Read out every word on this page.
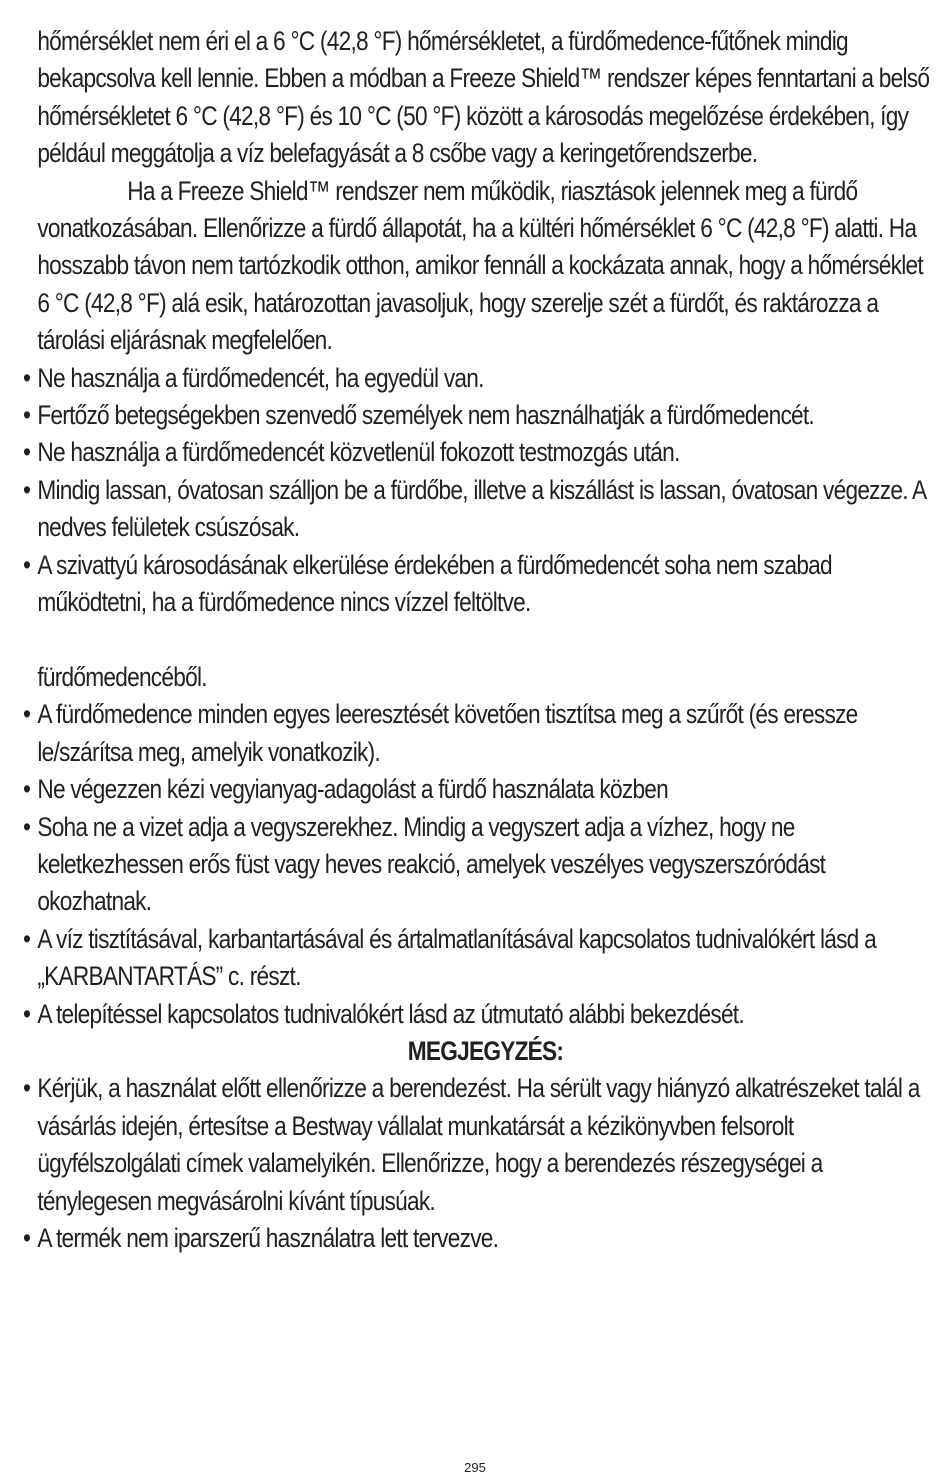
hőmérséklet nem éri el a 6 °C (42,8 °F) hőmérsékletet, a fürdőmedence-fűtőnek mindig bekapcsolva kell lennie. Ebben a módban a Freeze Shield™ rendszer képes fenntartani a belső hőmérsékletet 6 °C (42,8 °F) és 10 °C (50 °F) között a károsodás megelőzése érdekében, így például meggátolja a víz belefagyását a 8 csőbe vagy a keringetőrendszerbe.

Ha a Freeze Shield™ rendszer nem működik, riasztások jelennek meg a fürdő vonatkozásában. Ellenőrizze a fürdő állapotát, ha a kültéri hőmérséklet 6 °C (42,8 °F) alatti. Ha hosszabb távon nem tartózkodik otthon, amikor fennáll a kockázata annak, hogy a hőmérséklet 6 °C (42,8 °F) alá esik, határozottan javasoljuk, hogy szerelje szét a fürdőt, és raktározza a tárolási eljárásnak megfelelően.

• Ne használja a fürdőmedencét, ha egyedül van.

• Fertőző betegségekben szenvedő személyek nem használhatják a fürdőmedencét.

• Ne használja a fürdőmedencét közvetlenül fokozott testmozgás után.

• Mindig lassan, óvatosan szálljon be a fürdőbe, illetve a kiszállást is lassan, óvatosan végezze. A nedves felületek csúszósak.

• A szivattyú károsodásának elkerülése érdekében a fürdőmedencét soha nem szabad működtetni, ha a fürdőmedence nincs vízzel feltöltve.

fürdőmedencéből.

• A fürdőmedence minden egyes leeresztését követően tisztítsa meg a szűrőt (és eressze le/szárítsa meg, amelyik vonatkozik).

• Ne végezzen kézi vegyianyag-adagolást a fürdő használata közben

• Soha ne a vizet adja a vegyszerekhez. Mindig a vegyszert adja a vízhez, hogy ne keletkezhessen erős füst vagy heves reakció, amelyek veszélyes vegyszerszóródást okozhatnak.

• A víz tisztításával, karbantartásával és ártalmatlanításával kapcsolatos tudnivalókért lásd a „KARBANTARTÁS” c. részt.

• A telepítéssel kapcsolatos tudnivalókért lásd az útmutató alábbi bekezdését.

MEGJEGYZÉS:

• Kérjük, a használat előtt ellenőrizze a berendezést. Ha sérült vagy hiányzó alkatrészeket talál a vásárlás idején, értesítse a Bestway vállalat munkatársát a kézikönyvben felsorolt ügyfélszolgálati címek valamelyikén. Ellenőrizze, hogy a berendezés részegységei a ténylegesen megvásárolni kívánt típusúak.

• A termék nem iparszerű használatra lett tervezve.

295
